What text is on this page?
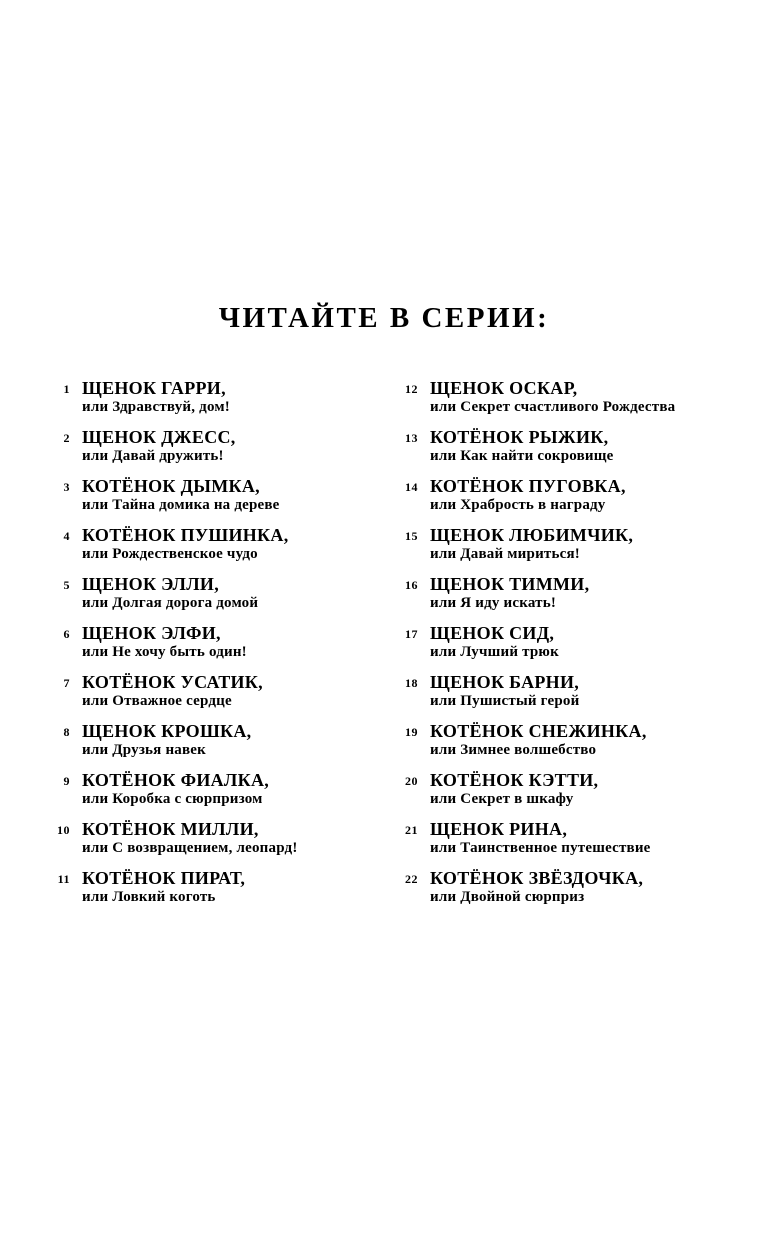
ЧИТАЙТЕ В СЕРИИ:
1 ЩЕНОК ГАРРИ,
или Здравствуй, дом!
2 ЩЕНОК ДЖЕСС,
или Давай дружить!
3 КОТЁНОК ДЫМКА,
или Тайна домика на дереве
4 КОТЁНОК ПУШИНКА,
или Рождественское чудо
5 ЩЕНОК ЭЛЛИ,
или Долгая дорога домой
6 ЩЕНОК ЭЛФИ,
или Не хочу быть один!
7 КОТЁНОК УСАТИК,
или Отважное сердце
8 ЩЕНОК КРОШКА,
или Друзья навек
9 КОТЁНОК ФИАЛКА,
или Коробка с сюрпризом
10 КОТЁНОК МИЛЛИ,
или С возвращением, леопард!
11 КОТЁНОК ПИРАТ,
или Ловкий коготь
12 ЩЕНОК ОСКАР,
или Секрет счастливого Рождества
13 КОТЁНОК РЫЖИК,
или Как найти сокровище
14 КОТЁНОК ПУГОВКА,
или Храбрость в награду
15 ЩЕНОК ЛЮБИМЧИК,
или Давай мириться!
16 ЩЕНОК ТИММИ,
или Я иду искать!
17 ЩЕНОК СИД,
или Лучший трюк
18 ЩЕНОК БАРНИ,
или Пушистый герой
19 КОТЁНОК СНЕЖИНКА,
или Зимнее волшебство
20 КОТЁНОК КЭТТИ,
или Секрет в шкафу
21 ЩЕНОК РИНА,
или Таинственное путешествие
22 КОТЁНОК ЗВЁЗДОЧКА,
или Двойной сюрприз
